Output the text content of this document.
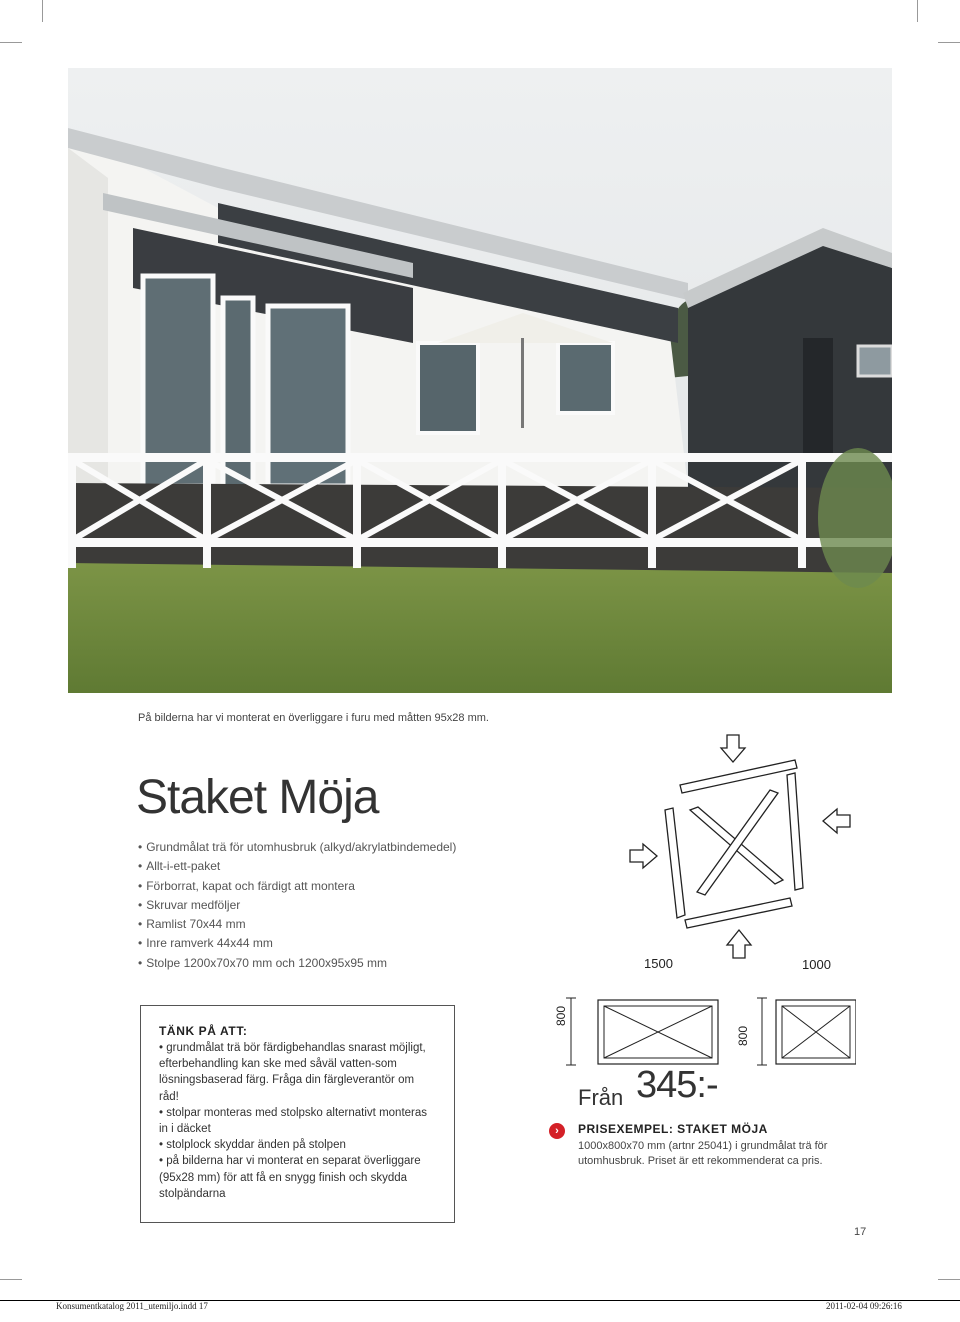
På bilderna har vi monterat en överliggare i furu med måtten 95x28 mm.
Staket Möja
• Grundmålat trä för utomhusbruk (alkyd/akrylatbindemedel)
• Allt-i-ett-paket
• Förborrat, kapat och färdigt att montera
• Skruvar medföljer
• Ramlist 70x44 mm
• Inre ramverk 44x44 mm
• Stolpe 1200x70x70 mm och 1200x95x95 mm
TÄNK PÅ ATT:

• grundmålat trä bör färdigbehandlas snarast möjligt, efterbehandling kan ske med såväl vatten-som lösningsbaserad färg. Fråga din färgleverantör om råd!

• stolpar monteras med stolpsko alternativt monteras in i däcket

• stolplock skyddar änden på stolpen

• på bilderna har vi monterat en separat överliggare (95x28 mm) för att få en snygg finish och skydda stolpändarna

1500	1000
800
800
Från 345:-
›	PRISEXEMPEL: STAKET MÖJA
1000x800x70 mm (artnr 25041) i grundmålat trä för utomhusbruk. Priset är ett rekommenderat ca pris.
17
Konsumentkatalog 2011_utemiljo.indd 17	2011-02-04 09:26:16
